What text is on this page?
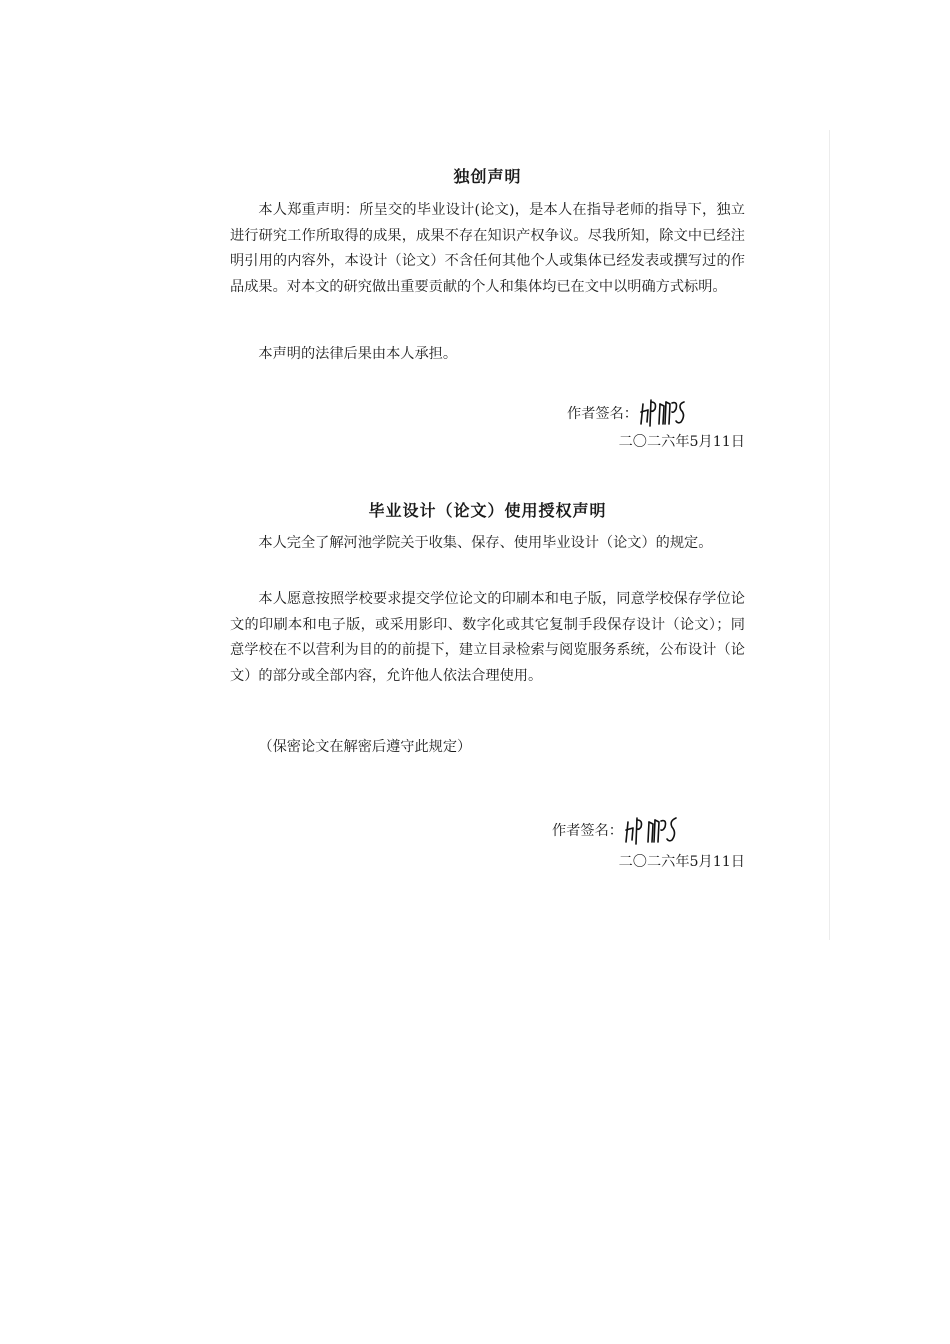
独创声明

本人郑重声明：所呈交的毕业设计(论文)，是本人在指导老师的指导下，独立进行研究工作所取得的成果，成果不存在知识产权争议。尽我所知，除文中已经注明引用的内容外，本设计（论文）不含任何其他个人或集体已经发表或撰写过的作品成果。对本文的研究做出重要贡献的个人和集体均已在文中以明确方式标明。

本声明的法律后果由本人承担。

作者签名：
二〇二六年5月11日
毕业设计（论文）使用授权声明

本人完全了解河池学院关于收集、保存、使用毕业设计（论文）的规定。

本人愿意按照学校要求提交学位论文的印刷本和电子版，同意学校保存学位论文的印刷本和电子版，或采用影印、数字化或其它复制手段保存设计（论文）；同意学校在不以营利为目的的前提下，建立目录检索与阅览服务系统，公布设计（论文）的部分或全部内容，允许他人依法合理使用。

（保密论文在解密后遵守此规定）

作者签名：
二〇二六年5月11日
